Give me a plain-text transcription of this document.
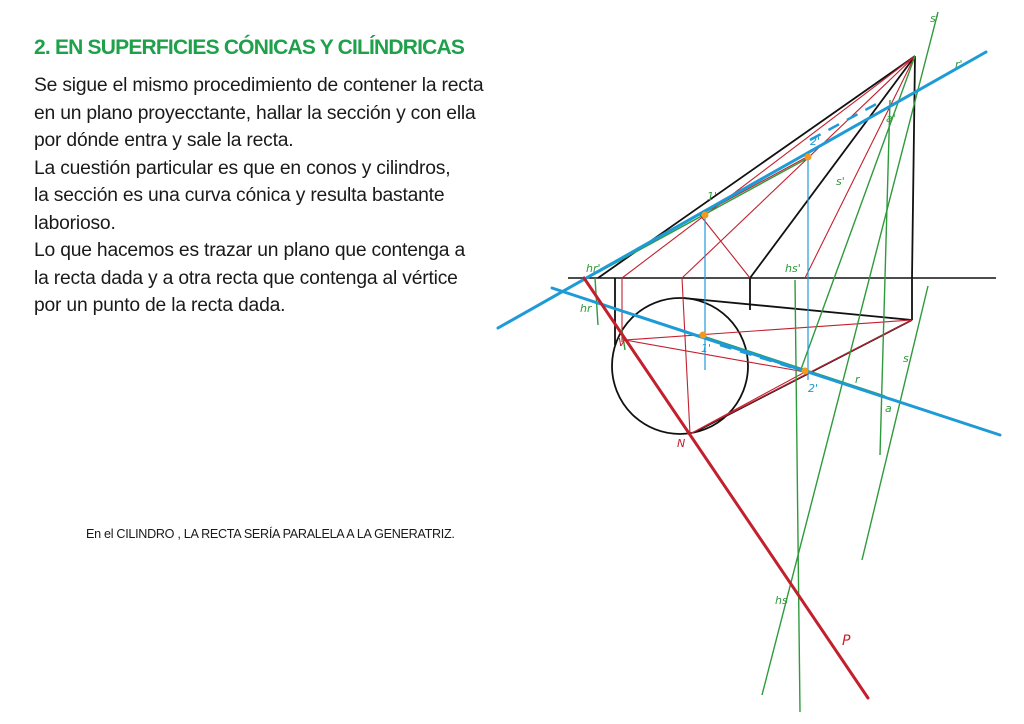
2. EN SUPERFICIES CÓNICAS Y CILÍNDRICAS
Se sigue el mismo procedimiento de contener la recta
en un plano proyecctante, hallar la sección y con ella
por dónde entra y sale la recta.
La cuestión particular es que en conos y cilindros,
la sección es una curva cónica y resulta bastante
laborioso.
Lo que hacemos es trazar un plano que contenga a
la recta dada y a otra recta que contenga al vértice
por un punto de la recta dada.
En el CILINDRO , LA RECTA SERÍA PARALELA A LA GENERATRIZ.
s'
r'
a'
2'
s'
1'
hr'	hs'
hr
V	1'
s
r
2'
a
N
hs
P
